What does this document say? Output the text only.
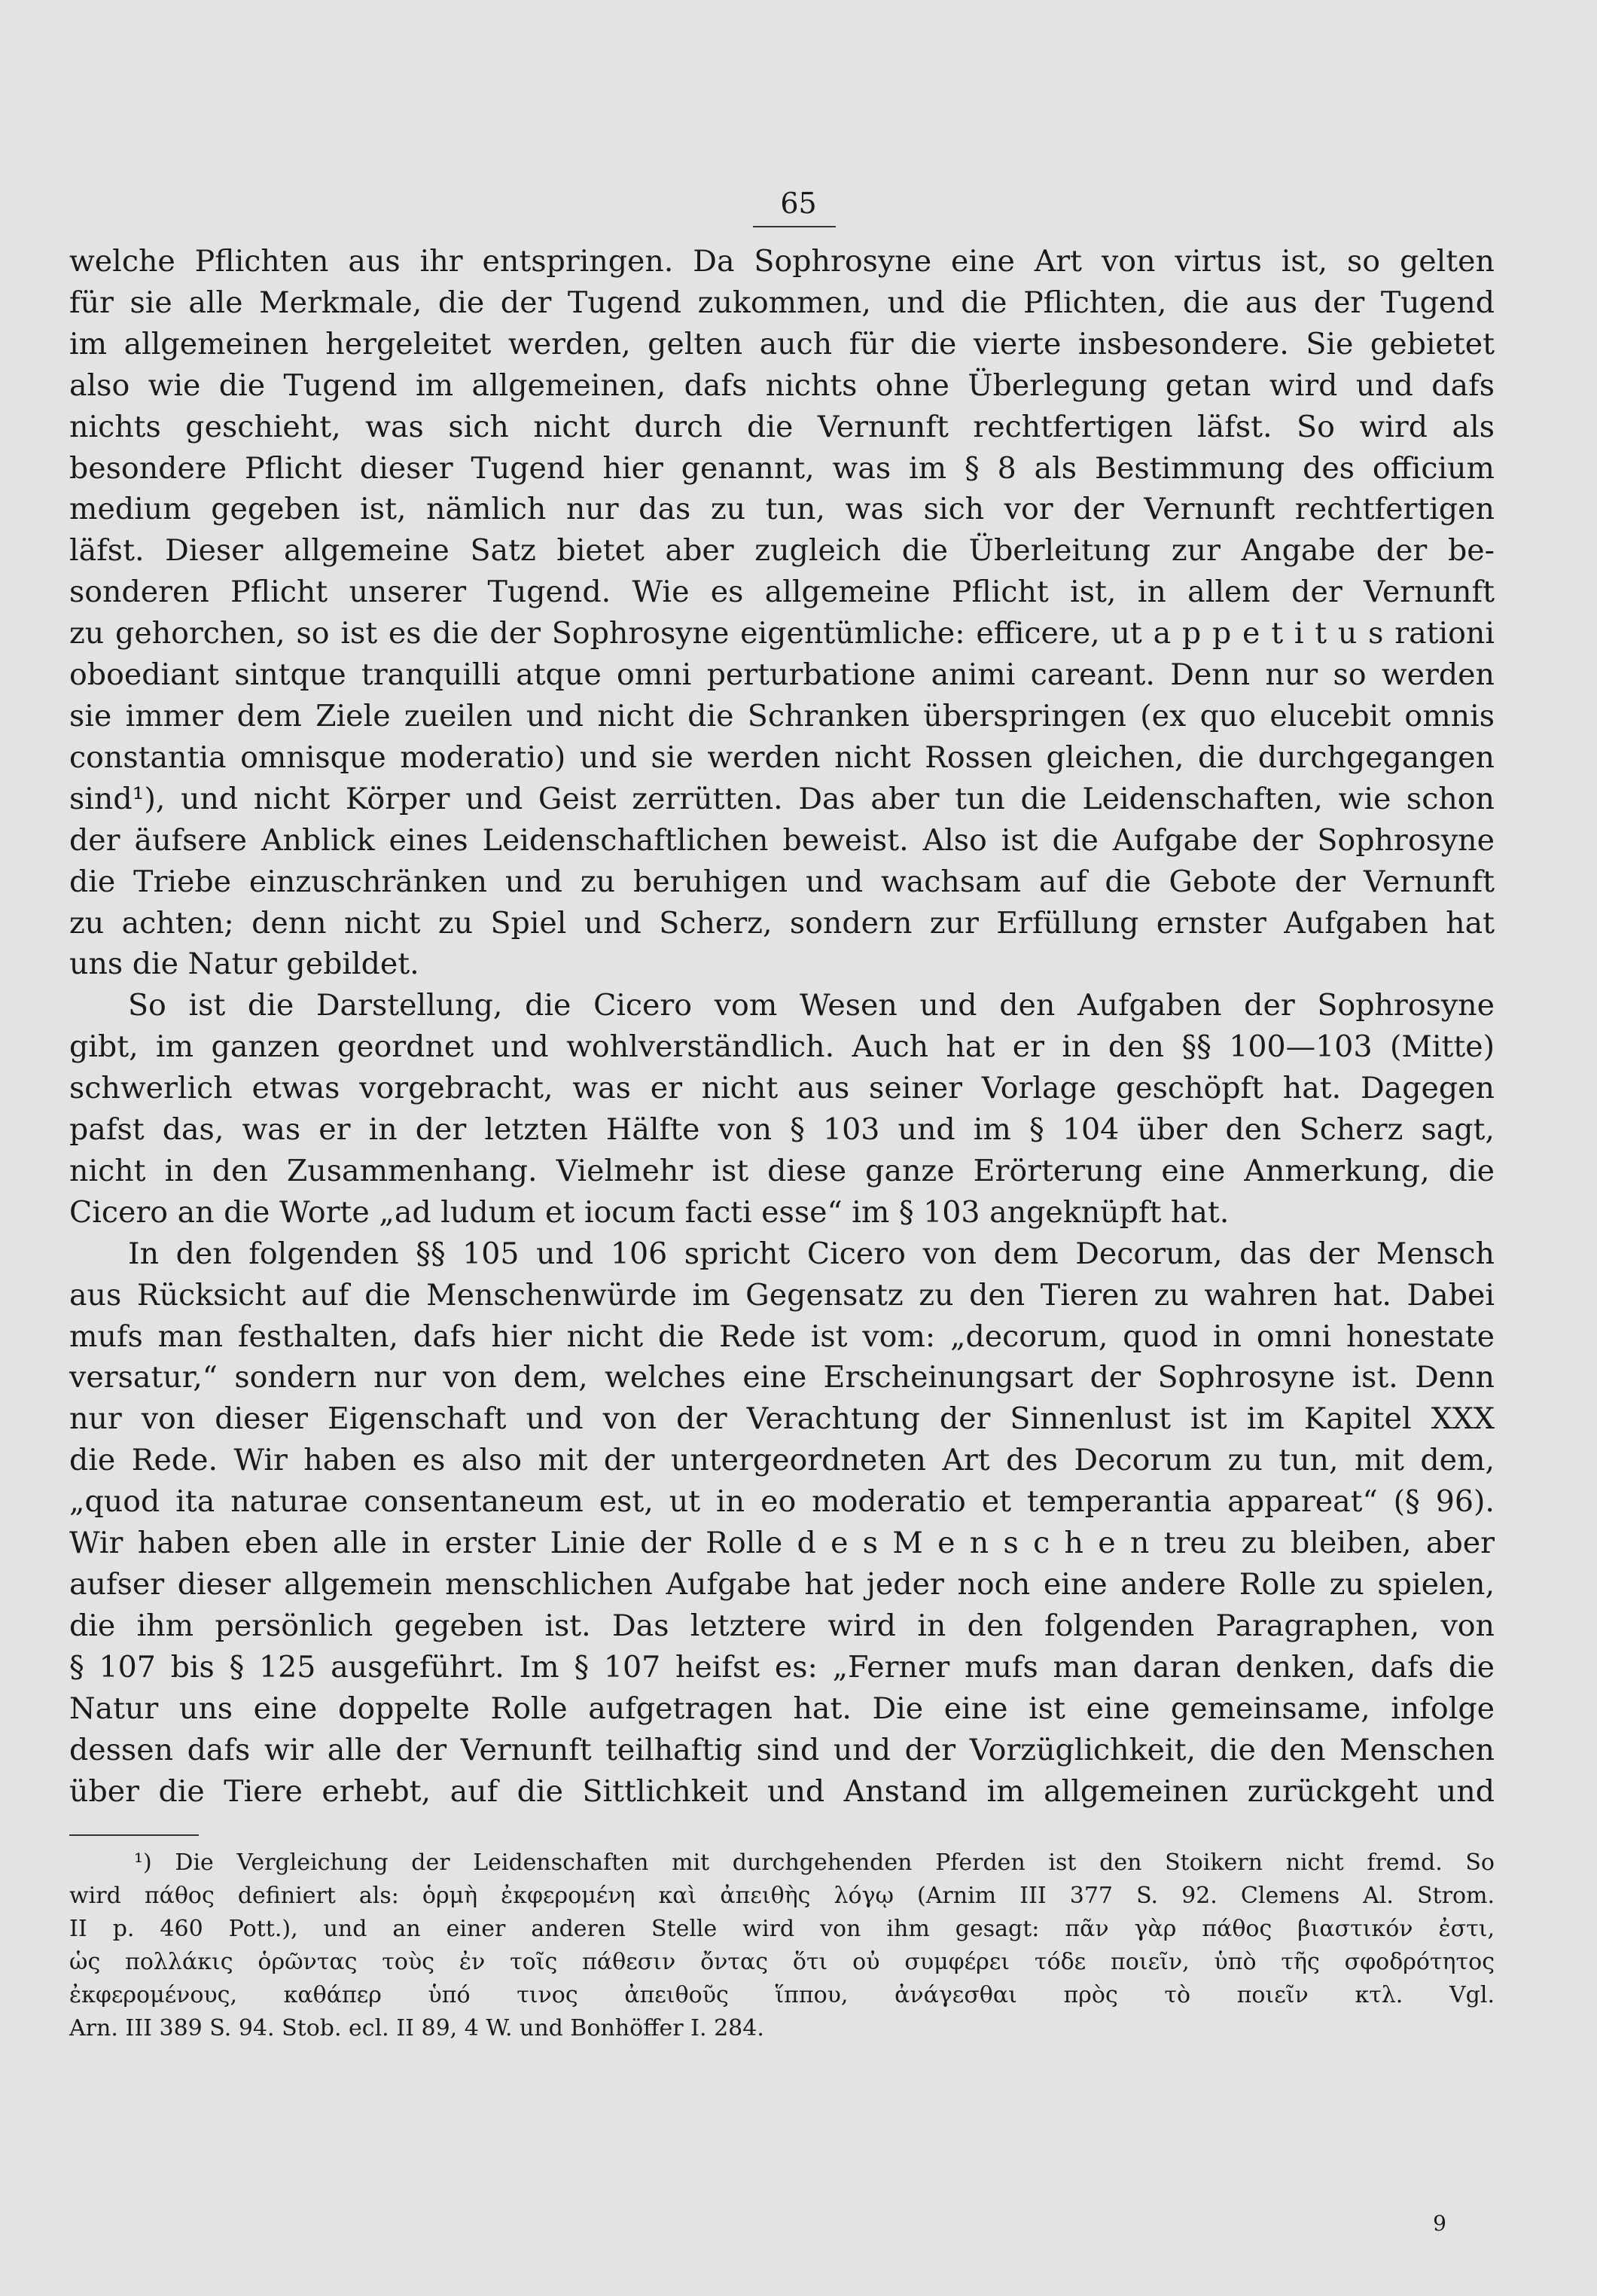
65
welche Pflichten aus ihr entspringen. Da Sophrosyne eine Art von virtus ist, so gelten
für sie alle Merkmale, die der Tugend zukommen, und die Pflichten, die aus der Tugend
im allgemeinen hergeleitet werden, gelten auch für die vierte insbesondere. Sie gebietet
also wie die Tugend im allgemeinen, dafs nichts ohne Überlegung getan wird und dafs
nichts geschieht, was sich nicht durch die Vernunft rechtfertigen läfst. So wird als
besondere Pflicht dieser Tugend hier genannt, was im § 8 als Bestimmung des officium
medium gegeben ist, nämlich nur das zu tun, was sich vor der Vernunft rechtfertigen
läfst. Dieser allgemeine Satz bietet aber zugleich die Überleitung zur Angabe der be-
sonderen Pflicht unserer Tugend. Wie es allgemeine Pflicht ist, in allem der Vernunft
zu gehorchen, so ist es die der Sophrosyne eigentümliche: efficere, ut a p p e t i t u s rationi
oboediant sintque tranquilli atque omni perturbatione animi careant. Denn nur so werden
sie immer dem Ziele zueilen und nicht die Schranken überspringen (ex quo elucebit omnis
constantia omnisque moderatio) und sie werden nicht Rossen gleichen, die durchgegangen
sind¹), und nicht Körper und Geist zerrütten. Das aber tun die Leidenschaften, wie schon
der äufsere Anblick eines Leidenschaftlichen beweist. Also ist die Aufgabe der Sophrosyne
die Triebe einzuschränken und zu beruhigen und wachsam auf die Gebote der Vernunft
zu achten; denn nicht zu Spiel und Scherz, sondern zur Erfüllung ernster Aufgaben hat
uns die Natur gebildet.
So ist die Darstellung, die Cicero vom Wesen und den Aufgaben der Sophrosyne
gibt, im ganzen geordnet und wohlverständlich. Auch hat er in den §§ 100—103 (Mitte)
schwerlich etwas vorgebracht, was er nicht aus seiner Vorlage geschöpft hat. Dagegen
pafst das, was er in der letzten Hälfte von § 103 und im § 104 über den Scherz sagt,
nicht in den Zusammenhang. Vielmehr ist diese ganze Erörterung eine Anmerkung, die
Cicero an die Worte „ad ludum et iocum facti esse“ im § 103 angeknüpft hat.
In den folgenden §§ 105 und 106 spricht Cicero von dem Decorum, das der Mensch
aus Rücksicht auf die Menschenwürde im Gegensatz zu den Tieren zu wahren hat. Dabei
mufs man festhalten, dafs hier nicht die Rede ist vom: „decorum, quod in omni honestate
versatur,“ sondern nur von dem, welches eine Erscheinungsart der Sophrosyne ist. Denn
nur von dieser Eigenschaft und von der Verachtung der Sinnenlust ist im Kapitel XXX
die Rede. Wir haben es also mit der untergeordneten Art des Decorum zu tun, mit dem,
„quod ita naturae consentaneum est, ut in eo moderatio et temperantia appareat“ (§ 96).
Wir haben eben alle in erster Linie der Rolle d e s M e n s c h e n treu zu bleiben, aber
aufser dieser allgemein menschlichen Aufgabe hat jeder noch eine andere Rolle zu spielen,
die ihm persönlich gegeben ist. Das letztere wird in den folgenden Paragraphen, von
§ 107 bis § 125 ausgeführt. Im § 107 heifst es: „Ferner mufs man daran denken, dafs die
Natur uns eine doppelte Rolle aufgetragen hat. Die eine ist eine gemeinsame, infolge
dessen dafs wir alle der Vernunft teilhaftig sind und der Vorzüglichkeit, die den Menschen
über die Tiere erhebt, auf die Sittlichkeit und Anstand im allgemeinen zurückgeht und
¹) Die Vergleichung der Leidenschaften mit durchgehenden Pferden ist den Stoikern nicht fremd. So
wird πάθος definiert als: ὁρμὴ ἐκφερομένη καὶ ἀπειθὴς λόγῳ (Arnim III 377 S. 92. Clemens Al. Strom.
II p. 460 Pott.), und an einer anderen Stelle wird von ihm gesagt: πᾶν γὰρ πάθος βιαστικόν ἐστι,
ὡς πολλάκις ὁρῶντας τοὺς ἐν τοῖς πάθεσιν ὄντας ὅτι οὐ συμφέρει τόδε ποιεῖν, ὑπὸ τῆς σφοδρότητος
ἐκφερομένους, καθάπερ ὑπό τινος ἀπειθοῦς ἵππου, ἀνάγεσθαι πρὸς τὸ ποιεῖν κτλ. Vgl.
Arn. III 389 S. 94. Stob. ecl. II 89, 4 W. und Bonhöffer I. 284.
9
